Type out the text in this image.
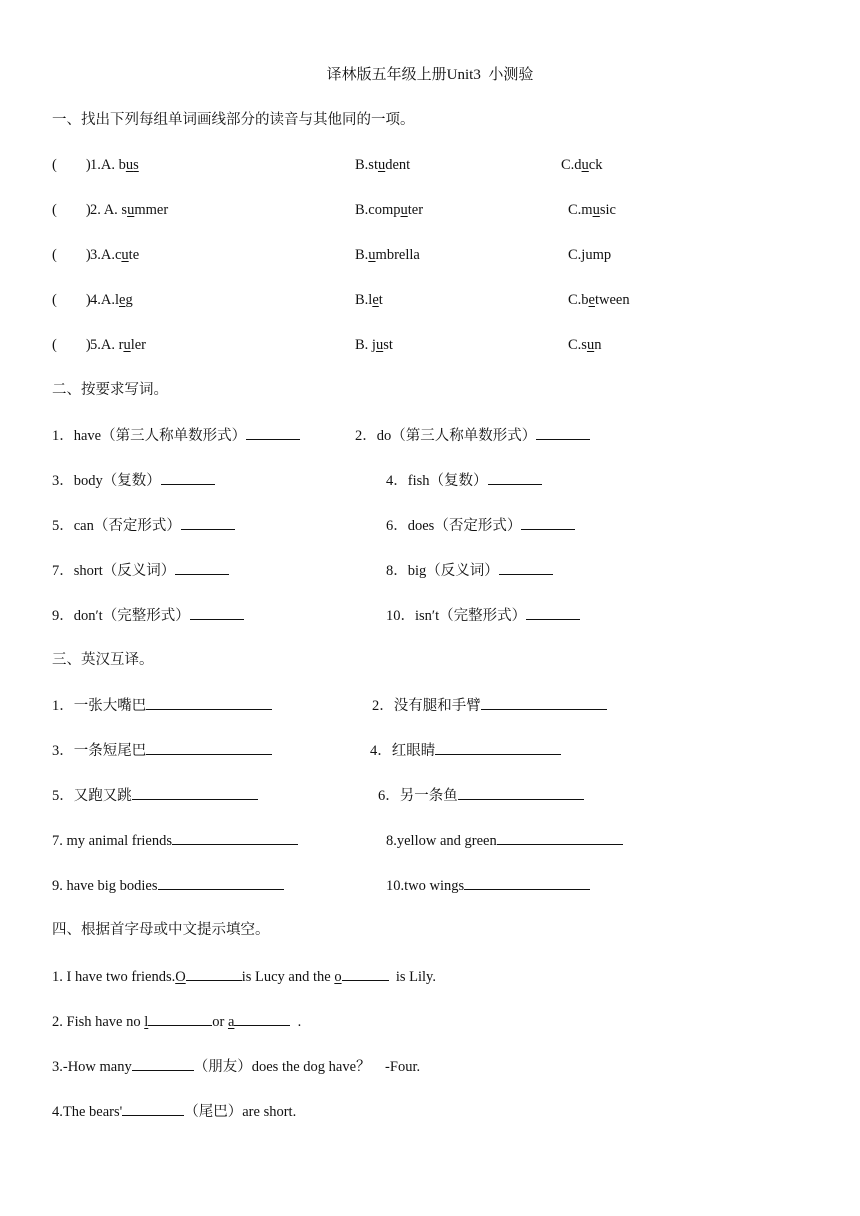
译林版五年级上册Unit3  小测验
一、找出下列每组单词画线部分的读音与其他同的一项。
(        ) 1.A. bus	B.student	C.duck
(        ) 2. A. summer	B.computer	C.music
(        ) 3.A.cute	B.umbrella	C.jump
(        ) 4.A.leg	B.let	C.between
(        ) 5.A. ruler	B. just	C.sun
二、按要求写词。
1．have（第三人称单数形式）	2．do（第三人称单数形式）
3．body（复数）	4．fish（复数）
5．can（否定形式）	6．does（否定形式）
7．short（反义词）	8．big（反义词）
9．don′t（完整形式）	10．isn′t（完整形式）
三、英汉互译。
1．一张大嘴巴	2．没有腿和手臂
3．一条短尾巴	4．红眼睛
5．又跑又跳	6．另一条鱼
7. my animal friends	8.yellow and green
9. have big bodies	10.two wings
四、根据首字母或中文提示填空。
1. I have two friends.O	is Lucy and the o	is Lily.
2. Fish have no l	or a	.
3.-How many	（朋友）does the dog have？    -Four.
4.The bears'	（尾巴）are short.
